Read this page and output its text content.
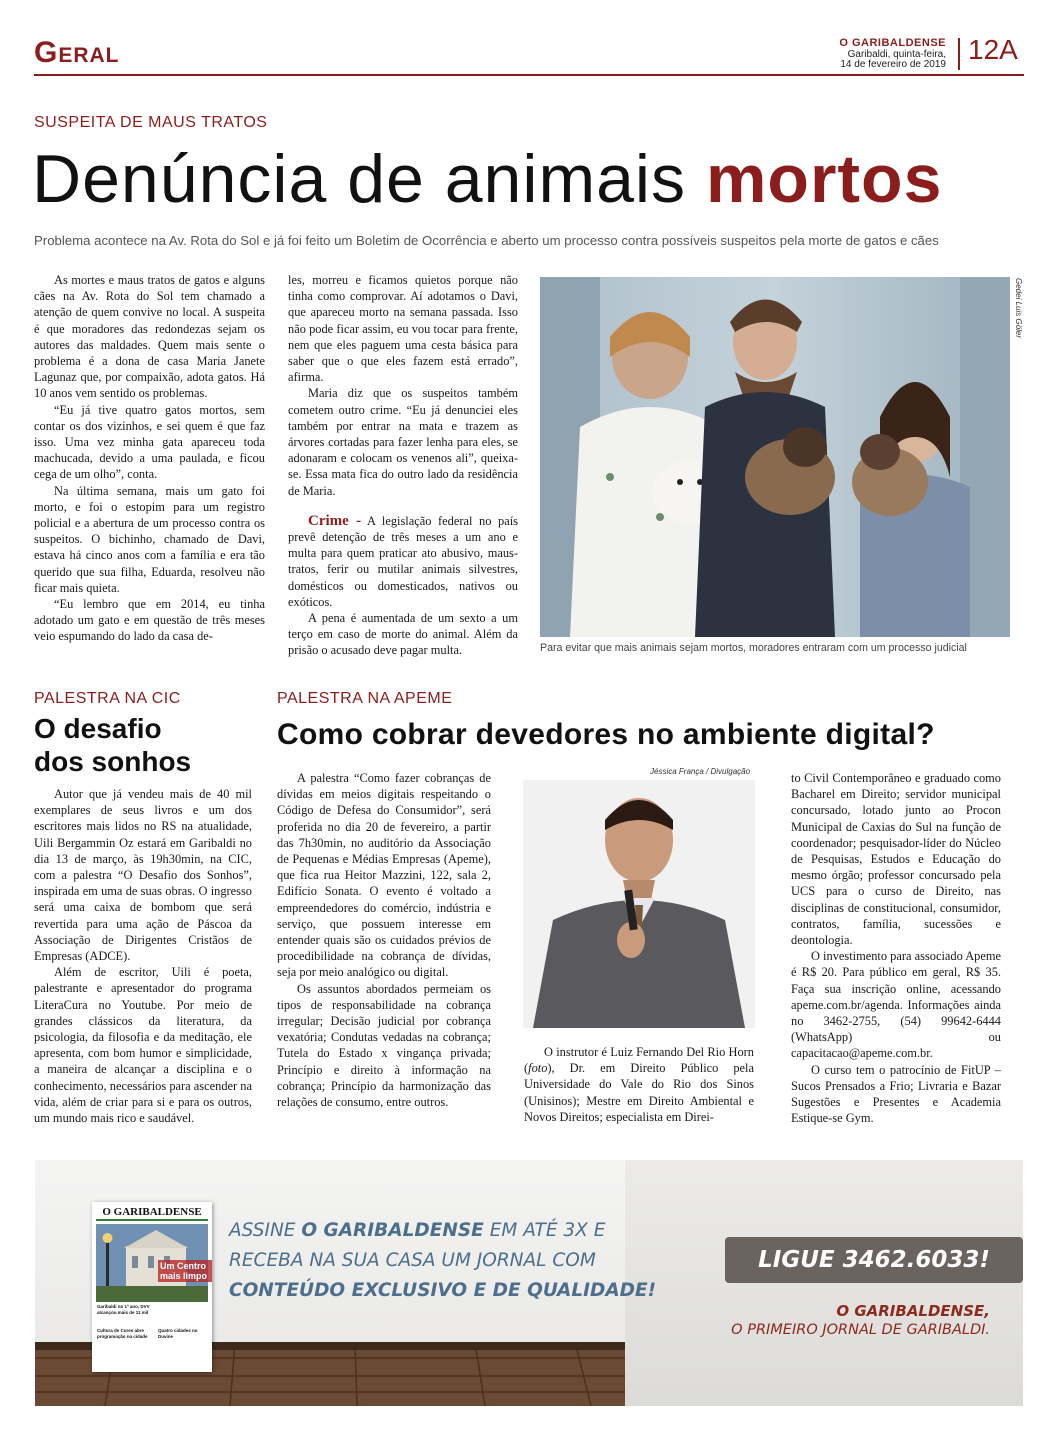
Geral	O GARIBALDENSE
Garibaldi, quinta-feira,
14 de fevereiro de 2019 12A
SUSPEITA DE MAUS TRATOS
Denúncia de animais mortos
Problema acontece na Av. Rota do Sol e já foi feito um Boletim de Ocorrência e aberto um processo contra possíveis suspeitos pela morte de gatos e cães

As mortes e maus tratos de gatos e alguns cães na Av. Rota do Sol tem chamado a atenção de quem convive no local. A suspeita é que moradores das redondezas sejam os autores das maldades. Quem mais sente o problema é a dona de casa Maria Janete Lagunaz que, por compaixão, adota gatos. Há 10 anos vem sentido os problemas.

“Eu já tive quatro gatos mortos, sem contar os dos vizinhos, e sei quem é que faz isso. Uma vez minha gata apareceu toda machucada, devido a uma paulada, e ficou cega de um olho”, conta.

Na última semana, mais um gato foi morto, e foi o estopim para um registro policial e a abertura de um processo contra os suspeitos. O bichinho, chamado de Davi, estava há cinco anos com a família e era tão querido que sua filha, Eduarda, resolveu não ficar mais quieta.

“Eu lembro que em 2014, eu tinha adotado um gato e em questão de três meses veio espumando do lado da casa de-

les, morreu e ficamos quietos porque não tinha como comprovar. Aí adotamos o Davi, que apareceu morto na semana passada. Isso não pode ficar assim, eu vou tocar para frente, nem que eles paguem uma cesta básica para saber que o que eles fazem está errado”, afirma.

Maria diz que os suspeitos também cometem outro crime. “Eu já denunciei eles também por entrar na mata e trazem as árvores cortadas para fazer lenha para eles, se adonaram e colocam os venenos ali”, queixa-se. Essa mata fica do outro lado da residência de Maria.

Crime - A legislação federal no país prevê detenção de três meses a um ano e multa para quem praticar ato abusivo, maus-tratos, ferir ou mutilar animais silvestres, domésticos ou domesticados, nativos ou exóticos.

A pena é aumentada de um sexto a um terço em caso de morte do animal. Além da prisão o acusado deve pagar multa.

Gedei Luis Göler
Para evitar que mais animais sejam mortos, moradores entraram com um processo judicial
PALESTRA NA CIC
O desafio
dos sonhos

Autor que já vendeu mais de 40 mil exemplares de seus livros e um dos escritores mais lidos no RS na atualidade, Uili Bergammin Oz estará em Garibaldi no dia 13 de março, às 19h30min, na CIC, com a palestra “O Desafio dos Sonhos”, inspirada em uma de suas obras. O ingresso será uma caixa de bombom que será revertida para uma ação de Páscoa da Associação de Dirigentes Cristãos de Empresas (ADCE).

Além de escritor, Uili é poeta, palestrante e apresentador do programa LiteraCura no Youtube. Por meio de grandes clássicos da literatura, da psicologia, da filosofia e da meditação, ele apresenta, com bom humor e simplicidade, a maneira de alcançar a disciplina e o conhecimento, necessários para ascender na vida, além de criar para si e para os outros, um mundo mais rico e saudável.

PALESTRA NA APEME
Como cobrar devedores no ambiente digital?

A palestra “Como fazer cobranças de dívidas em meios digitais respeitando o Código de Defesa do Consumidor”, será proferida no dia 20 de fevereiro, a partir das 7h30min, no auditório da Associação de Pequenas e Médias Empresas (Apeme), que fica rua Heitor Mazzini, 122, sala 2, Edifício Sonata. O evento é voltado a empreendedores do comércio, indústria e serviço, que possuem interesse em entender quais são os cuidados prévios de procedibilidade na cobrança de dívidas, seja por meio analógico ou digital.

Os assuntos abordados permeiam os tipos de responsabilidade na cobrança irregular; Decisão judicial por cobrança vexatória; Condutas vedadas na cobrança; Tutela do Estado x vingança privada; Princípio e direito à informação na cobrança; Princípio da harmonização das relações de consumo, entre outros.

Jéssica França / Divulgação

O instrutor é Luiz Fernando Del Rio Horn (foto), Dr. em Direito Público pela Universidade do Vale do Rio dos Sinos (Unisinos); Mestre em Direito Ambiental e Novos Direitos; especialista em Direi-

to Civil Contemporâneo e graduado como Bacharel em Direito; servidor municipal concursado, lotado junto ao Procon Municipal de Caxias do Sul na função de coordenador; pesquisador-líder do Núcleo de Pesquisas, Estudos e Educação do mesmo órgão; professor concursado pela UCS para o curso de Direito, nas disciplinas de constitucional, consumidor, contratos, família, sucessões e deontologia.

O investimento para associado Apeme é R$ 20. Para público em geral, R$ 35. Faça sua inscrição online, acessando apeme.com.br/agenda. Informações ainda no 3462-2755, (54) 99642-6444 (WhatsApp) ou capacitacao@apeme.com.br.

O curso tem o patrocínio de FitUP – Sucos Prensados a Frio; Livraria e Bazar Sugestões e Presentes e Academia Estique-se Gym.

O GARIBALDENSE
Um Centro mais limpo
Garibaldi no 1º ano, DVV alcançou mais de 11 mil
Cultura de Cores abre programação na cidade
Quatro cidades no Duvine
ASSINE O GARIBALDENSE EM ATÉ 3X E
RECEBA NA SUA CASA UM JORNAL COM
CONTEÚDO EXCLUSIVO E DE QUALIDADE!
LIGUE 3462.6033!
O GARIBALDENSE,
O PRIMEIRO JORNAL DE GARIBALDI.
